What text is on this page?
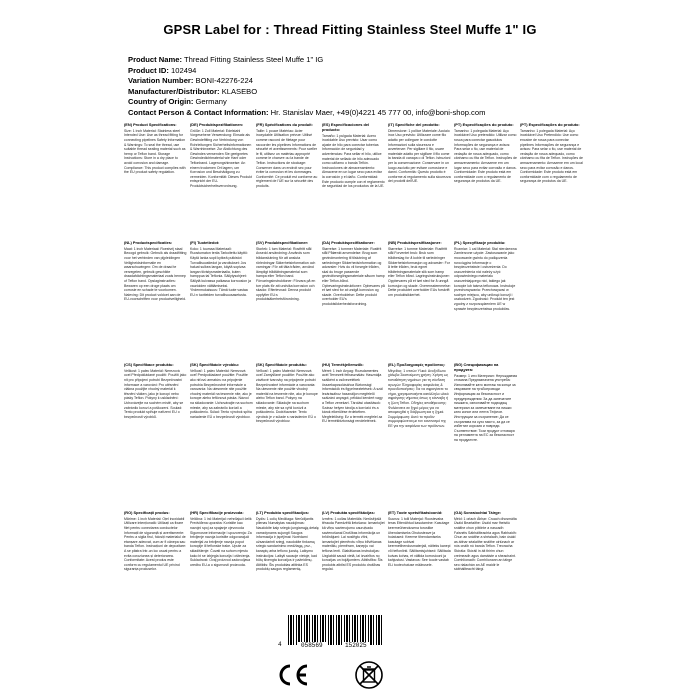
GPSR Label for : Thread Fitting Stainless Steel Muffe 1" IG
Product Name: Thread Fitting Stainless Steel Muffe 1" IG
Product ID: 102494
Variation Number: BONI-42276-224
Manufacturer/Distributor: KLASEBO
Country of Origin: Germany
Contact Person & Contact Information: Hr. Stanislav Maer, +49(0)4221 45 777 00, info@boni-shop.com
(EN) Product Specifications:
Size: 1 inch Material: Stainless steel Intended Use: Use as thread fitting for connecting pipelines Safety Information & Warnings: To seal the thread, use suitable thread sealing material such as hemp or Teflon band. Storage Instructions: Store in a dry place to avoid corrosion and damage. Compliance: This product complies with the EU product safety regulation.
(DE) Produktspezifikationen:
Größe: 1 Zoll Material: Edelstahl Vorgesehene Verwendung: Einsatz als Gewindefitting zur Verbindung von Rohrleitungen Sicherheitsinformationen & Warnhinweise: Zur Abdichtung des Gewindes verwenden Sie geeignetes Gewindedichtmaterial wie Hanf oder Teflonband. Lagerungshinweise: An einem trockenen Ort lagern, um Korrosion und Beschädigung zu vermeiden. Konformität: Dieses Produkt entspricht der EU-Produktsicherheitsverordnung.
(FR) Spécifications du produit:
Taille: 1 pouce Matériau: Acier inoxydable Utilisation prévue: Utilisé comme raccord de filetage pour raccorder les pipelines Informations de sécurité et avertissements: Pour sceller le fil, utilisez un matériau approprié comme le chanvre ou la bande de Teflon. Instructions de stockage: Conserver dans un endroit sec pour éviter la corrosion et les dommages. Conformité: Ce produit est conforme au règlement de l'UE sur la sécurité des produits.
(ES) Especificaciones del producto:
Tamaño: 1 pulgada Material: Acero inoxidable Uso previsto: Usar como ajuste de hilo para conectar tuberías Información de seguridad y advertencias: Para sellar el hilo, utilice material de sellado de hilo adecuado como cáñamo o banda Teflón. Instrucciones de almacenamiento: Almacene en un lugar seco para evitar la corrosión y el daño. Conformidad: Este producto cumple con el reglamento de seguridad de los productos de la UE.
(IT) Specifiche del prodotto:
Dimensione: 1 pollice Materiale: Acciaio inox Uso previsto: Utilizzare come filo adatto per collegare le condotte Informazioni sulla sicurezza e avvertenze: Per sigillare il filo, usare materiale adatto per sigillare il filo come la banda di canapa o di Teflon. Istruzioni per la conservazione: Conservare in un luogo asciutto per evitare corrosione e danni. Conformità: Questo prodotto è conforme al regolamento sulla sicurezza dei prodotti dell'UE.
(PT) Especificações do produto:
Tamanho: 1 polegada Material: Aço inoxidável Uso pretendido: Utilizar como rosca para conectar gasodutos Informações de segurança e avisos: Para selar o fio, use material de vedação de rosca adequado, como cânhamo ou fita de Teflon. Instruções de armazenamento: Armazene em um lugar seco para evitar corrosão e danos. Conformidade: Este produto está em conformidade com o regulamento de segurança de produtos da UE.
(PT) Especificações do produto:
Tamanho: 1 polegada Material: Aço inoxidável Uso Pretendido: Use como encaixe de rosca para conectar pipelines Informações de segurança e avisos: Para selar o fio, use material de vedação de rosca adequado, como cânhamo ou fita de Teflon. Instruções de armazenamento: Armazene em um local seco para evitar corrosão e danos. Conformidade: Este produto está em conformidade com o regulamento de segurança de produtos da UE.
(NL) Productspecificaties:
Maat: 1 inch Materiaal: Roestvrij staal Beoogd gebruik: Gebruik als draadfitting voor het verbinden van pijpleidingen Veiligheidsinformatie en waarschuwingen: Om de draad te verzegelen, gebruik geschikte draadafdichtingsmateriaal zoals hennep of Teflon band. Opslaginstructies: Bewaren op een droge plaats om corrosie en schade te voorkomen. Naleving: Dit product voldoet aan de EU-voorschriften voor productveiligheid.
(FI) Tuotetiedot:
Koko: 1 tuumaa Materiaali: Ruostumaton teräs Tarkoitettu käyttö: Käytä lanka sopii kytkeä putkistot Turvallisuustiedot ja varoitukset: Jos haluat sulkea langan, käytä sopivaa langan tiivistysmateriaalia, kuten hamppua tai Teflonia. Säilytysohjeet: Säilytä kuivassa paikassa korroosion ja vaurioiden välttämiseksi. Yhdenmukaisuus: Tämä tuote vastaa EU:n tuotteiden turvallisuusasetusta.
(SV) Produktspecifikationer:
Storlek: 1 tum Material: Rostfritt stål Avsedd användning: Används som trådanslutning för att ansluta rörledningar Säkerhetsinformation och varningar: För att täta tråden, använd lämpligt trådtätningsmaterial som hampa eller Teflon band. Förvaringsinstruktioner: Förvara på en torr plats för att undvika korrosion och skador. Efterlevnad: Denna produkt uppfyller EU:s produktsäkerhetsförordning.
(DA) Produktspecifikationer:
Størrelse: 1 tommer Materiale: Rustfrit stål Påtænkt anvendelse: Brug som gevindmontering til tilslutning af rørledninger Sikkerhedsinformation og advarsler: Hvis du vil forsegle tråden, skal du bruge passende gevindforseglingsmateriale såsom hamp eller Teflon-bånd. Opbevaringsinstruktioner: Opbevares på et tørt sted for at undgå korrosion og skade. Overholdelse: Dette produkt overholder EU's produktsikkerhedsforordning.
(NB) Produktspesifikasjoner:
Størrelse: 1 tomme Materiale: Rustfritt stål Forventet bruk: Bruk som trådbeslag for å koble til rørledninger Sikkerhetsinformasjon og advarsler: For å tette tråden, bruk egnet trådtetningsmateriale slik som hamp eller Teflon bånd. Lagringsinstruksjoner: Oppbevares på et tørt sted for å unngå korrosjon og skade. Overensstemmelse: Dette produktet overholder EUs forskrift om produktsikkerhet.
(PL) Specyfikacje produktu:
Rozmiar: 1 cal Materiał: Stal nierdzewna Zamierzone użycie: Zastosowanie jako mocowanie gwintu do podłączenia rurociągów Informacje o bezpieczeństwie i ostrzeżenia: Do uszczelnienia nici należy użyć odpowiedniego materiału uszczelniającego nici, takiego jak konopie lub taśma teflonowa. Instrukcje przechowywania: Przechowywać w suchym miejscu, aby uniknąć korozji i uszkodzeń. Zgodność: Produkt ten jest zgodny z rozporządzeniem UE w sprawie bezpieczeństwa produktów.
(CS) Specifikace produktu:
Velikost: 1 palec Materiál: Nerezová ocel Předpokládané použití: Použití jako nit pro připojení potrubí Bezpečnostní informace a varování: Pro utěsnění vlákna použijte vhodný materiál k těsnění vláken, jako je konopí nebo pásky Teflon. Pokyny k uskladnění: Uchovávejte na suchém místě, aby se zabránilo korozi a poškození. Soulad: Tento produkt splňuje nařízení EU o bezpečnosti výrobků.
(SK) Špecifikácie výrobku:
Veľkosť: 1 palec Materiál: Nerezová oceľ Predpokladané použitie: Použite ako niťovú armatúru na pripojenie potrubia Bezpečnostné informácie a varovania: Na utesnenie nite použite vhodný materiál na tesnenie nite, ako je konope alebo teflónová páska. Návod na skladovanie: Uchovávajte na suchom mieste, aby sa zabránilo korózii a poškodeniu. Súlad: Tento výrobok spĺňa nariadenie EÚ o bezpečnosti výrobkov.
(SK) Špecifikácie produktu:
Veľkosť: 1 palec Materiál: Nerezová oceľ Zamýšľané použitie: Použite ako závitové tvarovky na pripojenie potrubí Bezpečnostné informácie a varovania: Na utesnenie nite použite vhodný materiál na tesnenie nite, ako je konope alebo Teflon band. Pokyny na skladovanie: Skladujte na suchom mieste, aby ste sa vyhli korózii a poškodeniu. Dodržiavanie: Tento výrobok je v súlade s nariadením EÚ o bezpečnosti výrobkov.
(HU) Termékjellemzők:
Méret: 1 inch Anyag: Rozsdamentes acél Tervezett felhasználás: Használja szálként a csővezetékek összekapcsolásához Biztonsági információk és figyelmeztetések: A szál lezárásához használjon megfelelő szálzáró anyagot, például kendert vagy a Teflon zenekart. Tárolási utasítások: Száraz helyen tárolja a korrózió és a károk elkerülése érdekében. Megfelelőség: Ez a termék megfelel az EU termékbiztonsági rendeletének.
(EL) Προδιαγραφές προϊόντος:
Μέγεθος: 1 ιντσών Υλικό: Ανοξείδωτο χάλυβα Σκοπούμενη χρήση: Χρήση ως τοποθέτηση νημάτων για τη σύνδεση αγωγών Πληροφορίες ασφαλείας & προειδοποιήσεις: Για να σφραγίσετε το νήμα, χρησιμοποιήστε κατάλληλο υλικό σφράγισης νήματος όπως η κάνναβη ή η ζώνη Teflon. Οδηγίες αποθήκευσης: Φυλάσσετε σε ξηρό μέρος για να αποφευχθεί η διάβρωση και η ζημιά. Συμμόρφωση: Αυτό το προϊόν συμμορφώνεται με τον κανονισμό της ΕΕ για την ασφάλεια των προϊόντων.
(BG) Спецификации на продукта:
Размер: 1 инч Материал: Неръждаема стомана Предназначена употреба: Използвайте като монтаж на конци за свързване на тръбопроводи Информация за безопасност и предупреждения: За да запечатате нишката, използвайте подходящ материал за запечатване на нишки като коноп или лента Тефлон. Инструкции за съхранение: Да се съхранява на сухо място, за да се избегнат корозия и повреди. Съответствие: Този продукт отговаря на регламента на ЕС за безопасност на продуктите.
(RO) Specificații produs:
Mărime: 1 inch Material: Oțel inoxidabil Utilizare intenționată: Utilizați ca fixare filet pentru conectarea conductelor Informații de siguranță și avertismente: Pentru a sigila firul, folosiți materialul de etanșare adecvat, cum ar fi cânepa sau banda Teflon. Instrucțiuni de depozitare: A se păstra într-un loc uscat pentru a evita coroziunea și deteriorarea. Conformitate: Acest produs este conform cu regulamentul UE privind siguranța produselor.
(HR) Specifikacije proizvoda:
Veličina: 1 inč Materijal: nehrđajući čelik Predviđena uporaba: Koristite kao navojni spoj za spajanje cjevovoda Sigurnosne informacije i upozorenja: Za brtvljenje navoja koristite odgovarajući materijal za brtvljenje navoja poput konoplje ili teflonske trake. Upute za skladištenje: Čuvati na suhom mjestu kako bi se izbjegla korozija i oštećenja. Sukladnost: Ovaj proizvod zadovoljava uredbu EU-a o sigurnosti proizvoda.
(LT) Produkto specifikacijos:
Dydis: 1 colių Medžiaga: Nerūdijantis plienas Numatytas naudojimas: Naudokite kaip sriegio jungiamąją detalę vamzdynams sujungti Saugos informacija ir įspėjimai: Norėdami užsandarinti sriegį, naudokite tinkamą sriegio sandarinimo medžiagą, pvz., kanapių arba teflono juostą. Laikymo instrukcijos: Laikyti sausoje vietoje, kad būtų išvengta korozijos ir pažeidimų. Atitiktis: Šis produktas atitinka ES produktų saugos reglamentą.
(LV) Produkta specifikācijas:
Izmērs: 1 collas Materiāls: Nerūsējošā tērauda Paredzētā lietošana: Izmantojiet kā vītņu savienojumu cauruļvadu savienošanai Drošības informācija un brīdinājumi: Lai noslēgtu vītni, izmantojiet piemērotu vītņu blīvēšanas materiālu, piemēram, kaņepju vai teflona lenti. Glabāšanas instrukcijas: Uzglabāt sausā vietā, lai izvairītos no korozijas un bojājumiem. Atbilstība: Šis produkts atbilst ES produktu drošības regulai.
(ET) Toote spetsifikatsioonid:
Suurus: 1 tolli Materjal: Roostevaba teras Ettenähtud kasutamine: Kasutage keermeühendusena torustike ühendamiseks Ohutusteave ja hoiatused: Keerme tihendamiseks kasutage sobivat keermetihendusmaterjali, näiteks kanepi või teflonlinti. Säilitamisjuhised: Säilitada kuivas kohas, et vältida korrosiooni ja kahjustusi. Vastavus: See toode vastab ELi tooteohutuse määrusele.
(GA) Sonraíochtaí Táirge:
Méid: 1 orlach Ábhar: Cruach dhosmálta Úsáid Beartaithe: Úsáid mar fheistiú snáithe chun píblínte a nascadh Faisnéis Sábháilteachta agus Rabhaidh: Chun an snáithe a shéaladh, bain úsáid as ábhar séalaithe snáithe oiriúnach ar nós cnáib nó banda Teflon. Treoracha Stórála: Stóráil in áit thirim chun creimeadh agus damáiste a sheachaint. Comhlíonadh: Comhlíonann an táirge seo rialachán an AE maidir le sábháilteacht táirgí.
4	058569	152025
